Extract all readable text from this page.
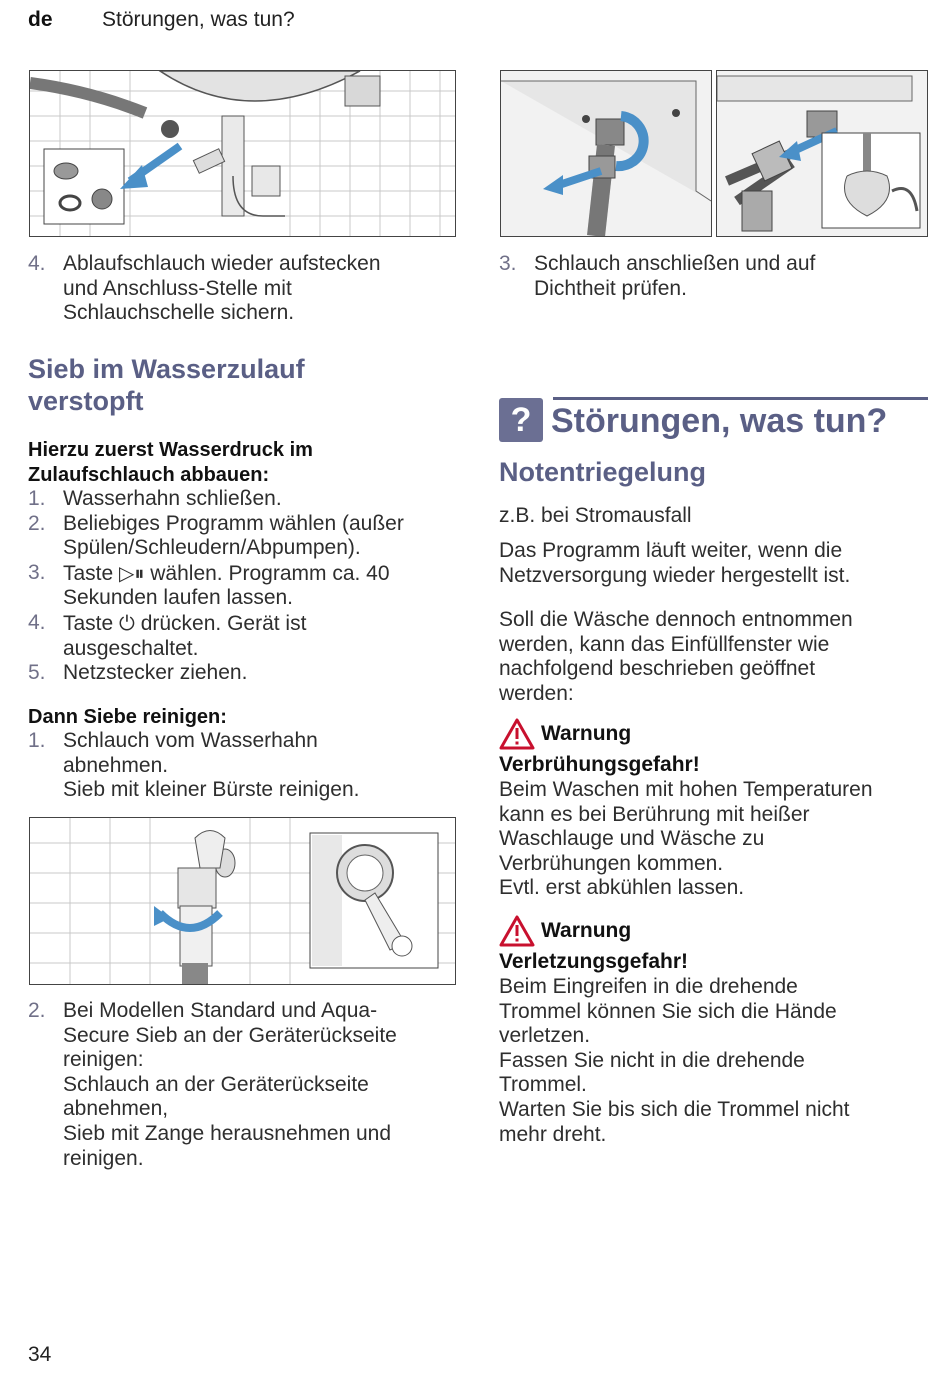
de Störungen, was tun?
4. Ablaufschlauch wieder aufstecken
und Anschluss-Stelle mit
Schlauchschelle sichern.
Sieb im Wasserzulauf
verstopft
Hierzu zuerst Wasserdruck im
Zulaufschlauch abbauen:
1. Wasserhahn schließen.
2. Beliebiges Programm wählen (außer
Spülen/Schleudern/Abpumpen).
3. Taste ▷⏸ wählen. Programm ca. 40
Sekunden laufen lassen.
4. Taste ⏻ drücken. Gerät ist
ausgeschaltet.
5. Netzstecker ziehen.
Dann Siebe reinigen:
1. Schlauch vom Wasserhahn
abnehmen.
Sieb mit kleiner Bürste reinigen.
2. Bei Modellen Standard und Aqua-
Secure Sieb an der Geräterückseite
reinigen:
Schlauch an der Geräterückseite
abnehmen,
Sieb mit Zange herausnehmen und
reinigen.
3. Schlauch anschließen und auf
Dichtheit prüfen.
? Störungen, was tun?
Notentriegelung
z.B. bei Stromausfall
Das Programm läuft weiter, wenn die
Netzversorgung wieder hergestellt ist.
Soll die Wäsche dennoch entnommen
werden, kann das Einfüllfenster wie
nachfolgend beschrieben geöffnet
werden:
Warnung
Verbrühungsgefahr!
Beim Waschen mit hohen Temperaturen
kann es bei Berührung mit heißer
Waschlauge und Wäsche zu
Verbrühungen kommen.
Evtl. erst abkühlen lassen.
Warnung
Verletzungsgefahr!
Beim Eingreifen in die drehende
Trommel können Sie sich die Hände
verletzen.
Fassen Sie nicht in die drehende
Trommel.
Warten Sie bis sich die Trommel nicht
mehr dreht.
34
